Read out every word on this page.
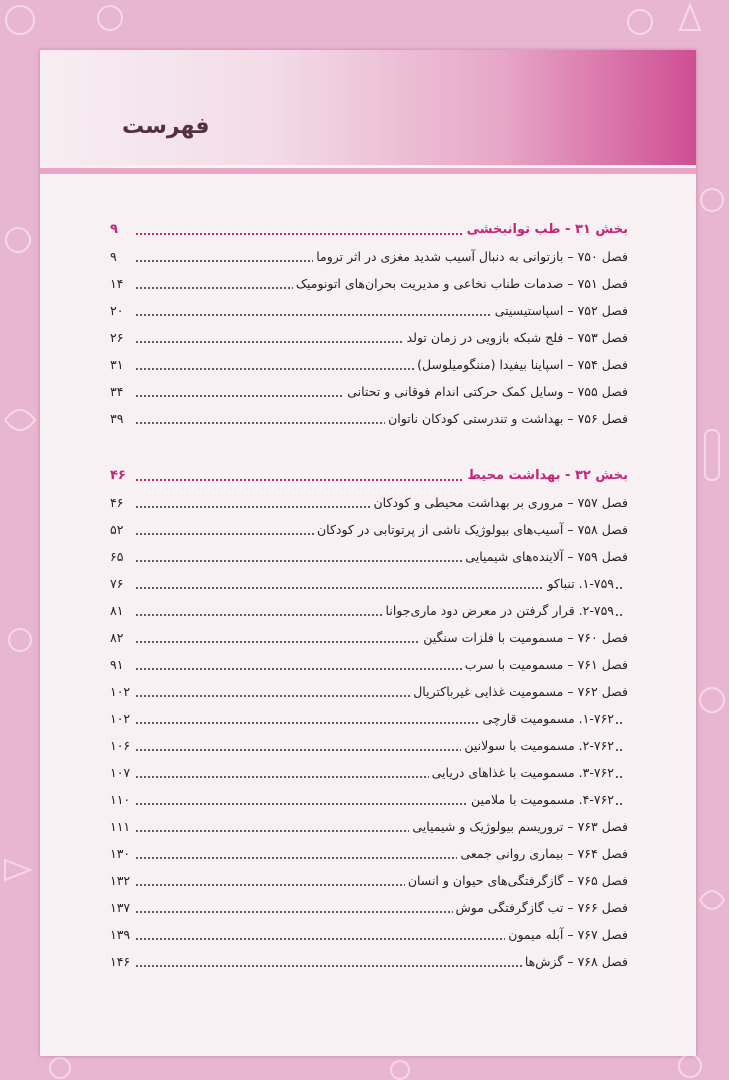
فهرست
بخش ۳۱ - طب توانبخشی
۹
فصل ۷۵۰ – بازتوانی به دنبال آسیب شدید مغزی در اثر تروما
۹
فصل ۷۵۱ – صدمات طناب نخاعی و مدیریت بحران‌های اتونومیک
۱۴
فصل ۷۵۲ – اسپاستیسیتی
۲۰
فصل ۷۵۳ – فلج شبکه بازویی در زمان تولد
۲۶
فصل ۷۵۴ – اسپاینا بیفیدا (مننگومیلوسل)
۳۱
فصل ۷۵۵ – وسایل کمک حرکتی اندام فوقانی و تحتانی
۳۴
فصل ۷۵۶ – بهداشت و تندرستی کودکان ناتوان
۳۹
بخش ۳۲ - بهداشت محیط
۴۶
فصل ۷۵۷ – مروری بر بهداشت محیطی و کودکان
۴۶
فصل ۷۵۸ – آسیب‌های بیولوژیک ناشی از پرتوتابی در کودکان
۵۲
فصل ۷۵۹ – آلاینده‌های شیمیایی
۶۵
۱-۷۵۹. تنباکو
۷۶
۲-۷۵۹. قرار گرفتن در معرض دود ماری‌جوانا
۸۱
فصل ۷۶۰ – مسمومیت با فلزات سنگین
۸۲
فصل ۷۶۱ – مسمومیت با سرب
۹۱
فصل ۷۶۲ – مسمومیت غذایی غیرباکتریال
۱۰۲
۱-۷۶۲. مسمومیت قارچی
۱۰۲
۲-۷۶۲. مسمومیت با سولانین
۱۰۶
۳-۷۶۲. مسمومیت با غذاهای دریایی
۱۰۷
۴-۷۶۲. مسمومیت با ملامین
۱۱۰
فصل ۷۶۳ – تروریسم بیولوژیک و شیمیایی
۱۱۱
فصل ۷۶۴ – بیماری روانی جمعی
۱۳۰
فصل ۷۶۵ – گازگرفتگی‌های حیوان و انسان
۱۳۲
فصل ۷۶۶ – تب گازگرفتگی موش
۱۳۷
فصل ۷۶۷ – آبله میمون
۱۳۹
فصل ۷۶۸ – گزش‌ها
۱۴۶
